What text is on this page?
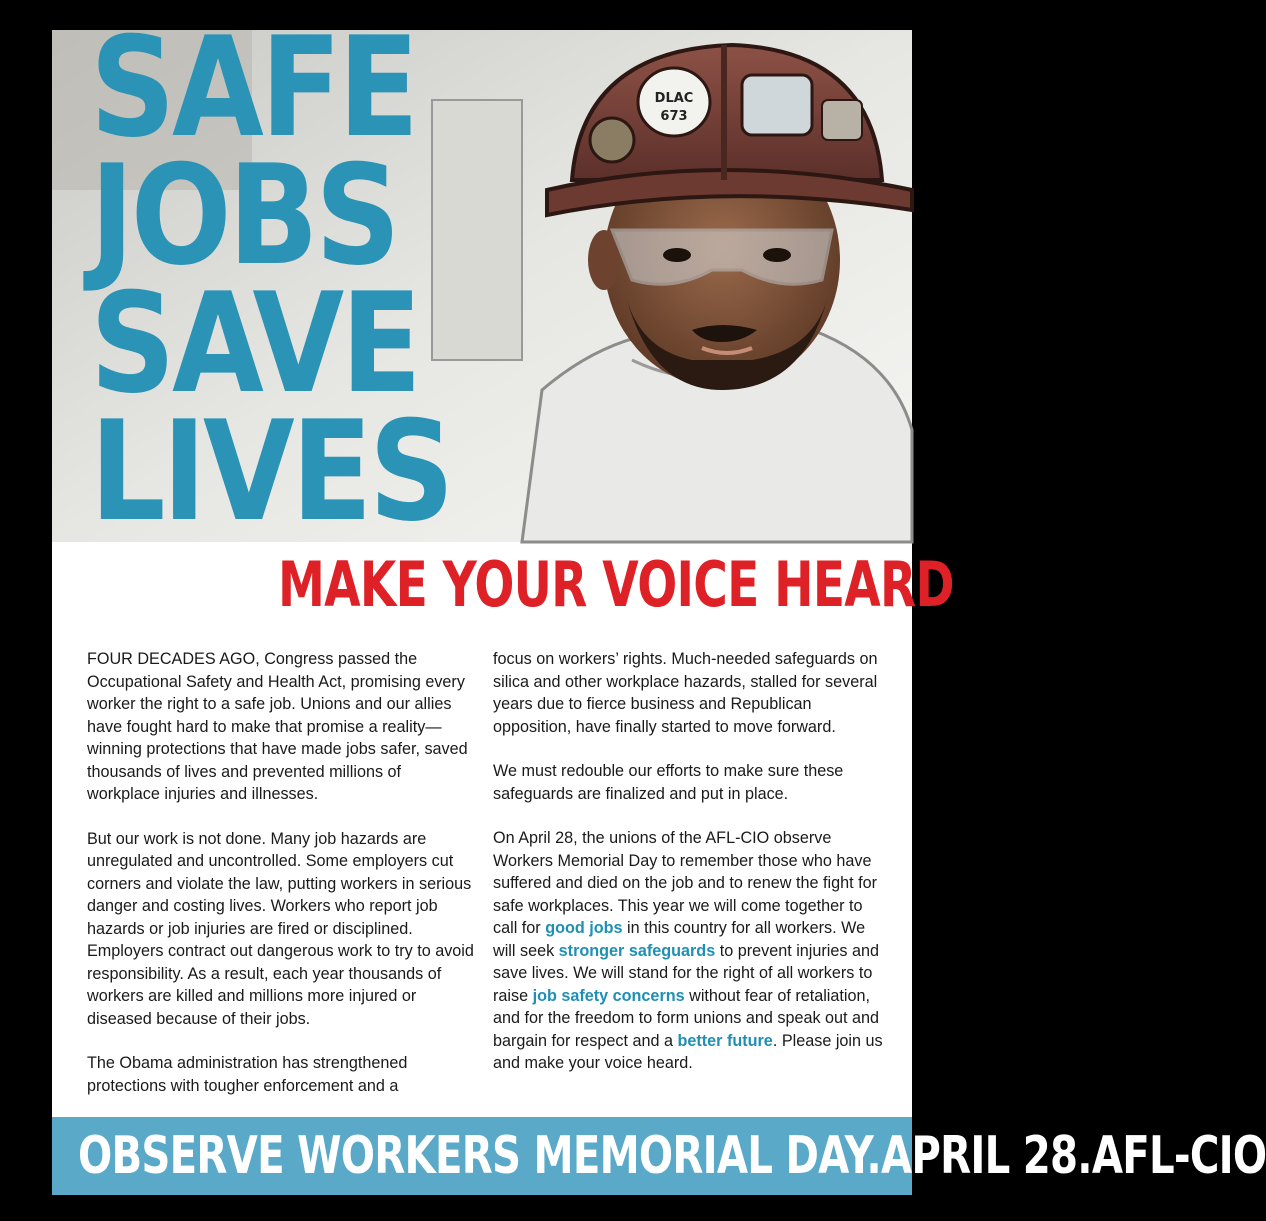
DLAC
673
SAFE
JOBS
SAVE
LIVES
MAKE YOUR VOICE HEARD

FOUR DECADES AGO, Congress passed the Occupational Safety and Health Act, promising every worker the right to a safe job. Unions and our allies have fought hard to make that promise a reality—winning protections that have made jobs safer, saved thousands of lives and prevented millions of workplace injuries and illnesses.

But our work is not done. Many job hazards are unregulated and uncontrolled. Some employers cut corners and violate the law, putting workers in serious danger and costing lives. Workers who report job hazards or job injuries are fired or disciplined. Employers contract out dangerous work to try to avoid responsibility. As a result, each year thousands of workers are killed and millions more injured or diseased because of their jobs.

The Obama administration has strengthened protections with tougher enforcement and a

focus on workers’ rights. Much-needed safeguards on silica and other workplace hazards, stalled for several years due to fierce business and Republican opposition, have finally started to move forward.

We must redouble our efforts to make sure these safeguards are finalized and put in place.

On April 28, the unions of the AFL-CIO observe Workers Memorial Day to remember those who have suffered and died on the job and to renew the fight for safe workplaces. This year we will come together to call for good jobs in this country for all workers. We will seek stronger safeguards to prevent injuries and save lives. We will stand for the right of all workers to raise job safety concerns without fear of retaliation, and for the freedom to form unions and speak out and bargain for respect and a better future. Please join us and make your voice heard.

OBSERVE WORKERS MEMORIAL DAY.APRIL 28.AFL-CIO
